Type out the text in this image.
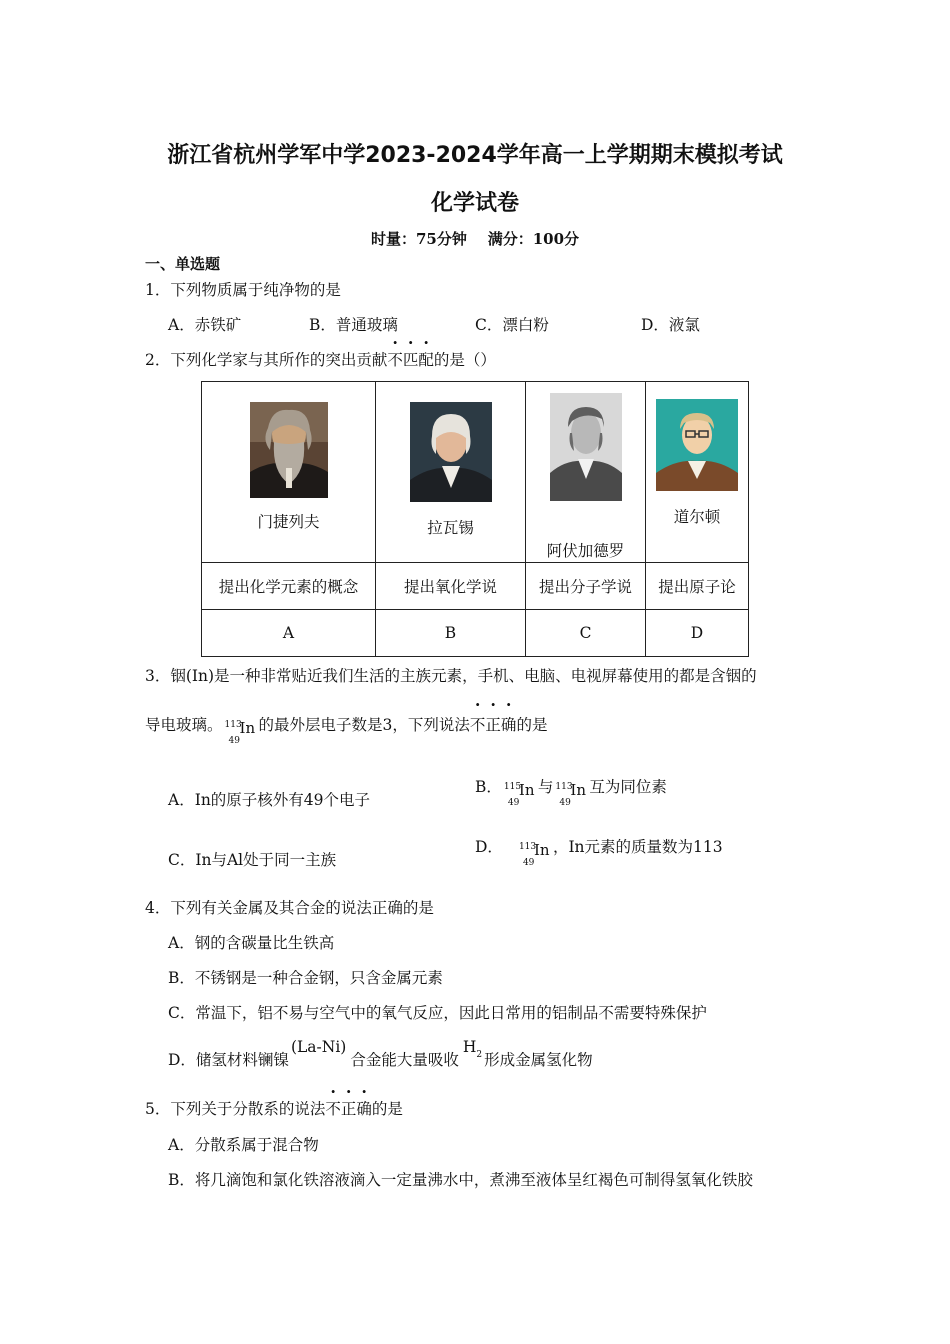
浙江省杭州学军中学2023-2024学年高一上学期期末模拟考试
化学试卷
时量：75分钟    满分：100分
一、单选题
1．下列物质属于纯净物的是
A．赤铁矿	B．普通玻璃	C．漂白粉	D．液氯
2．下列化学家与其所作的突出贡献不匹配的是（）
门捷列夫	拉瓦锡	阿伏加德罗	道尔顿

提出化学元素的概念	提出氧化学说	提出分子学说	提出原子论
A	B	C	D
3．铟(In)是一种非常贴近我们生活的主族元素，手机、电脑、电视屏幕使用的都是含铟的
导电玻璃。 113
49
In 的最外层电子数是3，下列说法不正确的是
A．In的原子核外有49个电子
B． 115
49
In 与 113
49
In 互为同位素
C．In与Al处于同一主族
D． 113
49
In ，In元素的质量数为113
4．下列有关金属及其合金的说法正确的是
A．钢的含碳量比生铁高
B．不锈钢是一种合金钢，只含金属元素
C．常温下，铝不易与空气中的氧气反应，因此日常用的铝制品不需要特殊保护
D．储氢材料镧镍(La-Ni)合金能大量吸收$H^2$ 形成金属氢化物
5．下列关于分散系的说法不正确的是
A．分散系属于混合物
B．将几滴饱和氯化铁溶液滴入一定量沸水中，煮沸至液体呈红褐色可制得氢氧化铁胶
